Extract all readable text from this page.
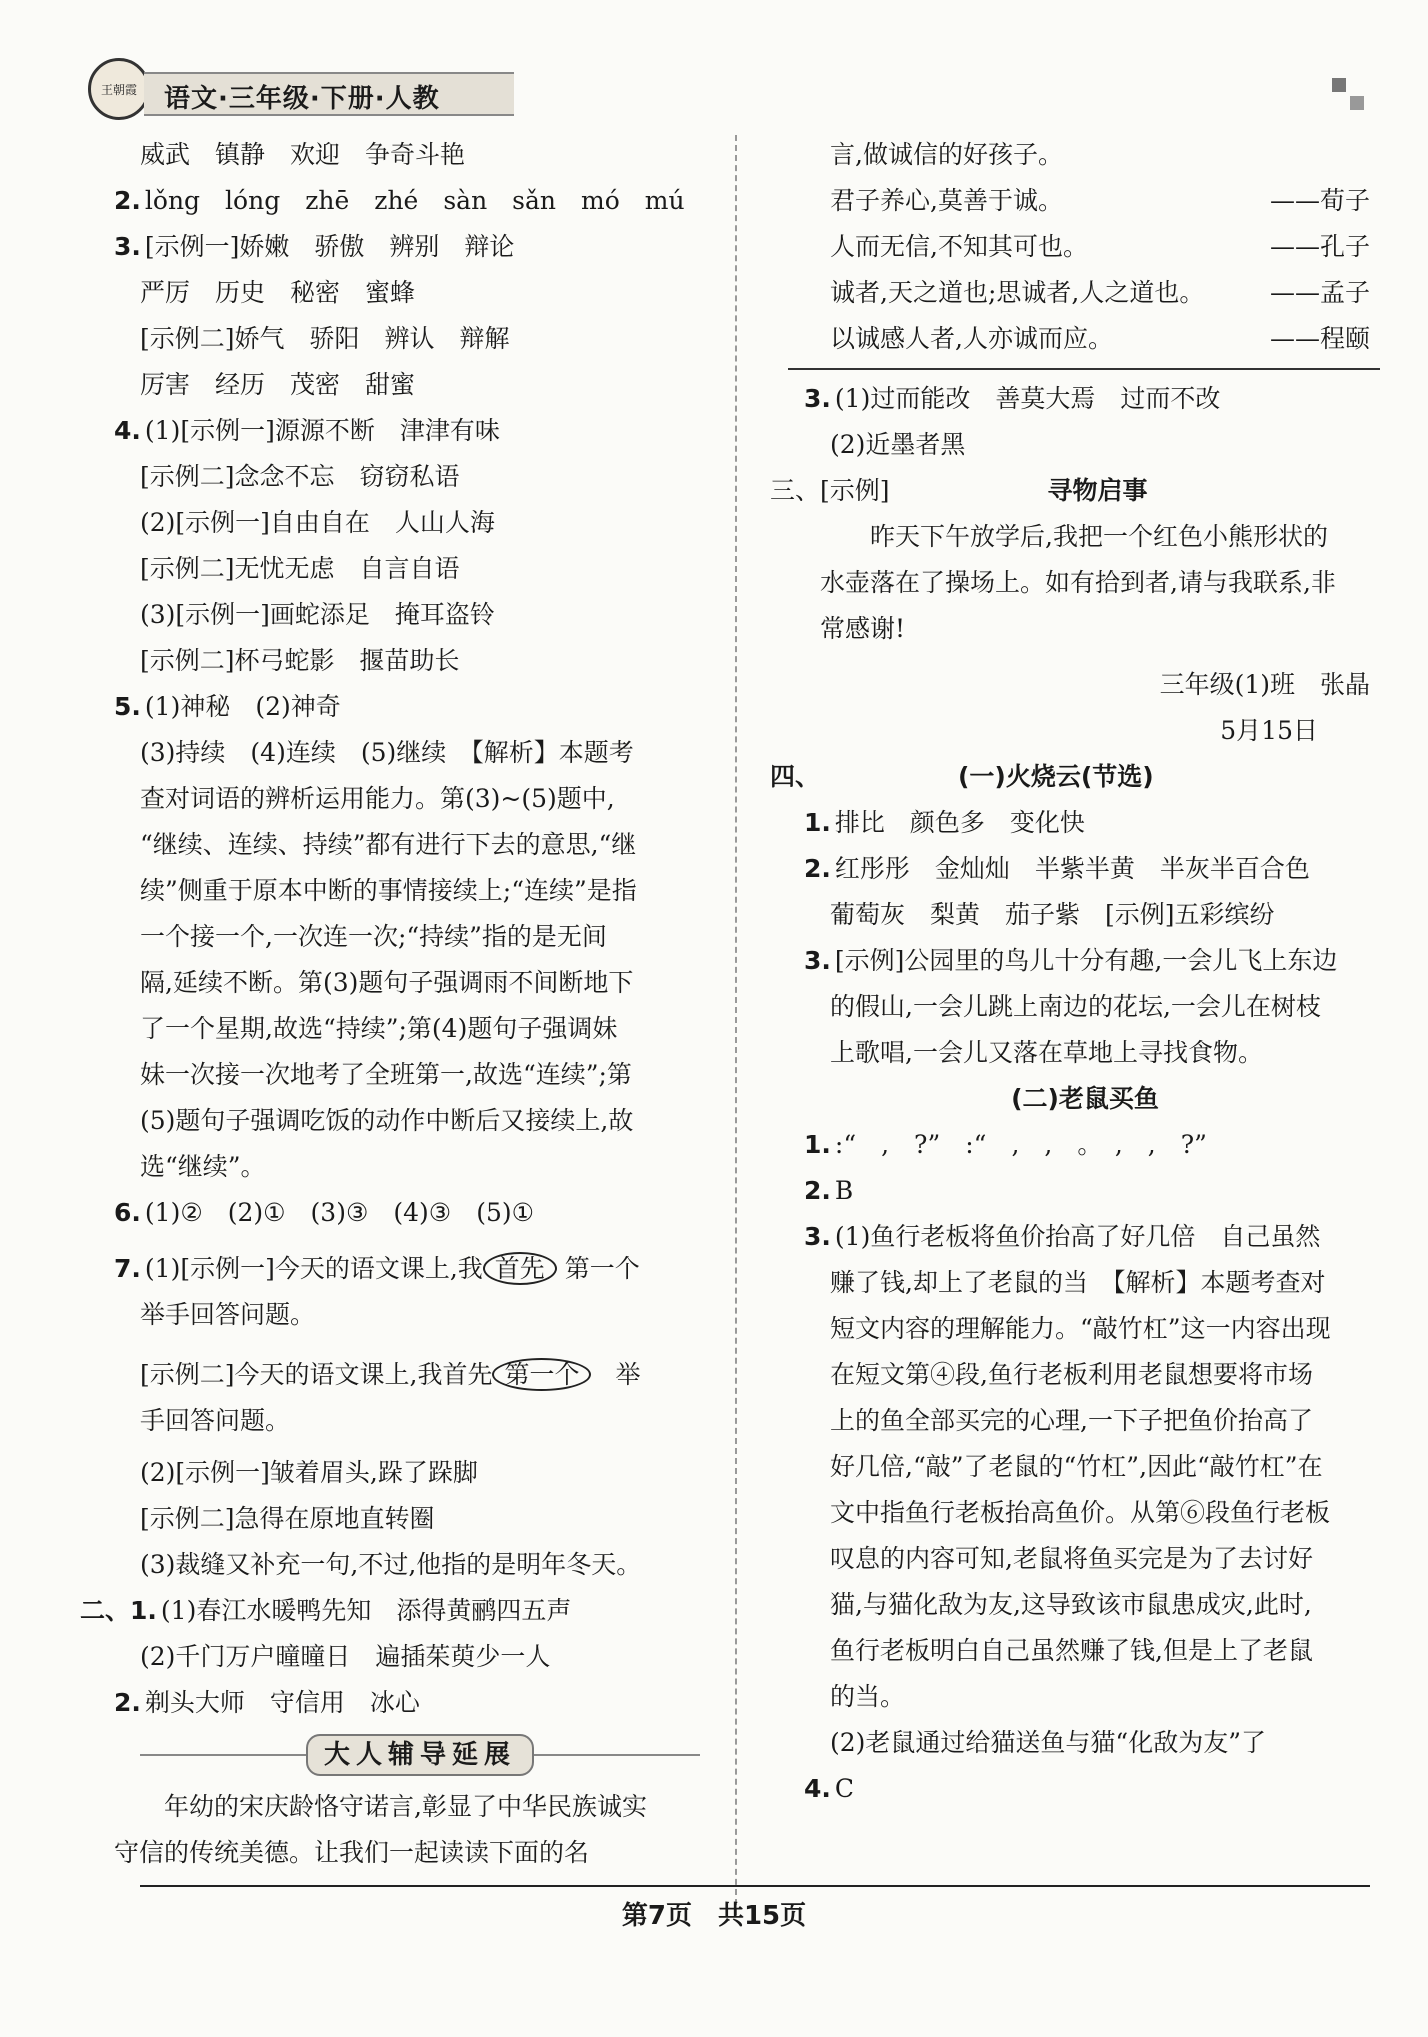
王朝霞 语文·三年级·下册·人教
威武　镇静　欢迎　争奇斗艳
2. lǒng　lóng　zhē　zhé　sàn　sǎn　mó　mú
3. [示例一]娇嫩　骄傲　辨别　辩论
严厉　历史　秘密　蜜蜂
[示例二]娇气　骄阳　辨认　辩解
厉害　经历　茂密　甜蜜
4. (1)[示例一]源源不断　津津有味
[示例二]念念不忘　窃窃私语
(2)[示例一]自由自在　人山人海
[示例二]无忧无虑　自言自语
(3)[示例一]画蛇添足　掩耳盗铃
[示例二]杯弓蛇影　揠苗助长
5. (1)神秘　(2)神奇
(3)持续　(4)连续　(5)继续　【解析】本题考
查对词语的辨析运用能力。第(3)~(5)题中,
“继续、连续、持续”都有进行下去的意思,“继
续”侧重于原本中断的事情接续上;“连续”是指
一个接一个,一次连一次;“持续”指的是无间
隔,延续不断。第(3)题句子强调雨不间断地下
了一个星期,故选“持续”;第(4)题句子强调妹
妹一次接一次地考了全班第一,故选“连续”;第
(5)题句子强调吃饭的动作中断后又接续上,故
选“继续”。
6. (1)②　(2)①　(3)③　(4)③　(5)①
7. (1)[示例一]今天的语文课上,我 首先 第一个
举手回答问题。
[示例二]今天的语文课上,我首先 第一个 举
手回答问题。
(2)[示例一]皱着眉头,跺了跺脚
[示例二]急得在原地直转圈
(3)裁缝又补充一句,不过,他指的是明年冬天。
二、1. (1)春江水暖鸭先知　添得黄鹂四五声
(2)千门万户曈曈日　遍插茱萸少一人
2. 剃头大师　守信用　冰心
大人辅导延展
年幼的宋庆龄恪守诺言,彰显了中华民族诚实
守信的传统美德。让我们一起读读下面的名
言,做诚信的好孩子。
君子养心,莫善于诚。	——荀子
人而无信,不知其可也。	——孔子
诚者,天之道也;思诚者,人之道也。	——孟子
以诚感人者,人亦诚而应。	——程颐
3. (1)过而能改　善莫大焉　过而不改
(2)近墨者黑
三、[示例]	寻物启事
昨天下午放学后,我把一个红色小熊形状的
水壶落在了操场上。如有拾到者,请与我联系,非
常感谢!
三年级(1)班　张晶
5月15日
四、	(一)火烧云(节选)
1. 排比　颜色多　变化快
2. 红彤彤　金灿灿　半紫半黄　半灰半百合色
葡萄灰　梨黄　茄子紫　[示例]五彩缤纷
3. [示例]公园里的鸟儿十分有趣,一会儿飞上东边
的假山,一会儿跳上南边的花坛,一会儿在树枝
上歌唱,一会儿又落在草地上寻找食物。
(二)老鼠买鱼
1. :“　,　?”　:“　,　,　。　,　,　?”
2. B
3. (1)鱼行老板将鱼价抬高了好几倍　自己虽然
赚了钱,却上了老鼠的当　【解析】本题考查对
短文内容的理解能力。“敲竹杠”这一内容出现
在短文第④段,鱼行老板利用老鼠想要将市场
上的鱼全部买完的心理,一下子把鱼价抬高了
好几倍,“敲”了老鼠的“竹杠”,因此“敲竹杠”在
文中指鱼行老板抬高鱼价。从第⑥段鱼行老板
叹息的内容可知,老鼠将鱼买完是为了去讨好
猫,与猫化敌为友,这导致该市鼠患成灾,此时,
鱼行老板明白自己虽然赚了钱,但是上了老鼠
的当。
(2)老鼠通过给猫送鱼与猫“化敌为友”了
4. C
第7页　共15页
